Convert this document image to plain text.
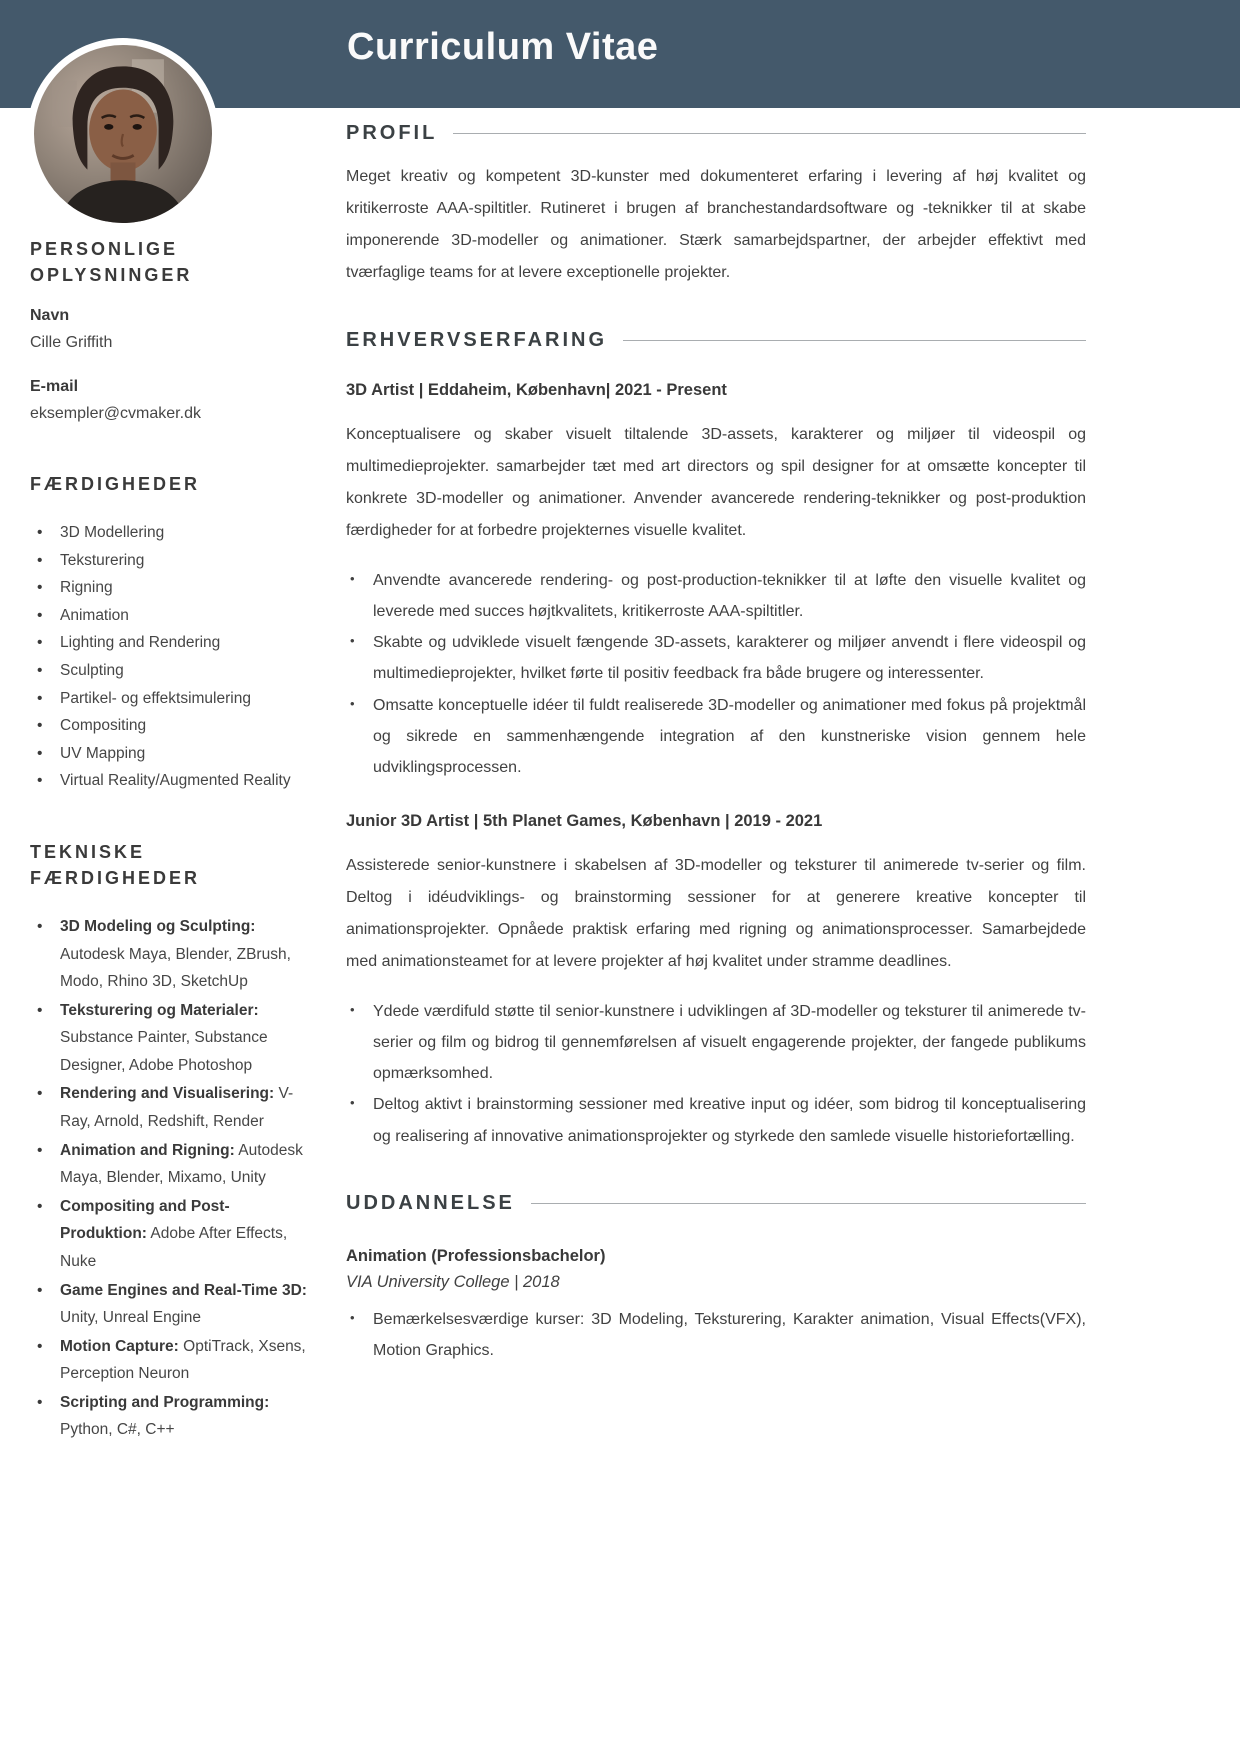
Curriculum Vitae
PERSONLIGE OPLYSNINGER
Navn
Cille Griffith
E-mail
eksempler@cvmaker.dk
FÆRDIGHEDER
• 3D Modellering
• Teksturering
• Rigning
• Animation
• Lighting and Rendering
• Sculpting
• Partikel- og effektsimulering
• Compositing
• UV Mapping
• Virtual Reality/Augmented Reality
TEKNISKE FÆRDIGHEDER
• 3D Modeling og Sculpting: Autodesk Maya, Blender, ZBrush, Modo, Rhino 3D, SketchUp
• Teksturering og Materialer: Substance Painter, Substance Designer, Adobe Photoshop
• Rendering and Visualisering: V-Ray, Arnold, Redshift, Render
• Animation and Rigning: Autodesk Maya, Blender, Mixamo, Unity
• Compositing and Post-Produktion: Adobe After Effects, Nuke
• Game Engines and Real-Time 3D: Unity, Unreal Engine
• Motion Capture: OptiTrack, Xsens, Perception Neuron
• Scripting and Programming: Python, C#, C++
PROFIL

Meget kreativ og kompetent 3D-kunster med dokumenteret erfaring i levering af høj kvalitet og kritikerroste AAA-spiltitler. Rutineret i brugen af branchestandardsoftware og -teknikker til at skabe imponerende 3D-modeller og animationer. Stærk samarbejdspartner, der arbejder effektivt med tværfaglige teams for at levere exceptionelle projekter.

ERHVERVSERFARING
3D Artist | Eddaheim, København| 2021 - Present

Konceptualisere og skaber visuelt tiltalende 3D-assets, karakterer og miljøer til videospil og multimedieprojekter. samarbejder tæt med art directors og spil designer for at omsætte koncepter til konkrete 3D-modeller og animationer. Anvender avancerede rendering-teknikker og post-produktion færdigheder for at forbedre projekternes visuelle kvalitet.

• Anvendte avancerede rendering- og post-production-teknikker til at løfte den visuelle kvalitet og leverede med succes højtkvalitets, kritikerroste AAA-spiltitler.
• Skabte og udviklede visuelt fængende 3D-assets, karakterer og miljøer anvendt i flere videospil og multimedieprojekter, hvilket førte til positiv feedback fra både brugere og interessenter.
• Omsatte konceptuelle idéer til fuldt realiserede 3D-modeller og animationer med fokus på projektmål og sikrede en sammenhængende integration af den kunstneriske vision gennem hele udviklingsprocessen.
Junior 3D Artist | 5th Planet Games, København | 2019 - 2021

Assisterede senior-kunstnere i skabelsen af 3D-modeller og teksturer til animerede tv-serier og film. Deltog i idéudviklings- og brainstorming sessioner for at generere kreative koncepter til animationsprojekter. Opnåede praktisk erfaring med rigning og animationsprocesser. Samarbejdede med animationsteamet for at levere projekter af høj kvalitet under stramme deadlines.

• Ydede værdifuld støtte til senior-kunstnere i udviklingen af 3D-modeller og teksturer til animerede tv-serier og film og bidrog til gennemførelsen af visuelt engagerende projekter, der fangede publikums opmærksomhed.
• Deltog aktivt i brainstorming sessioner med kreative input og idéer, som bidrog til konceptualisering og realisering af innovative animationsprojekter og styrkede den samlede visuelle historiefortælling.
UDDANNELSE
Animation (Professionsbachelor)
VIA University College | 2018
• Bemærkelsesværdige kurser: 3D Modeling, Teksturering, Karakter animation, Visual Effects(VFX), Motion Graphics.
